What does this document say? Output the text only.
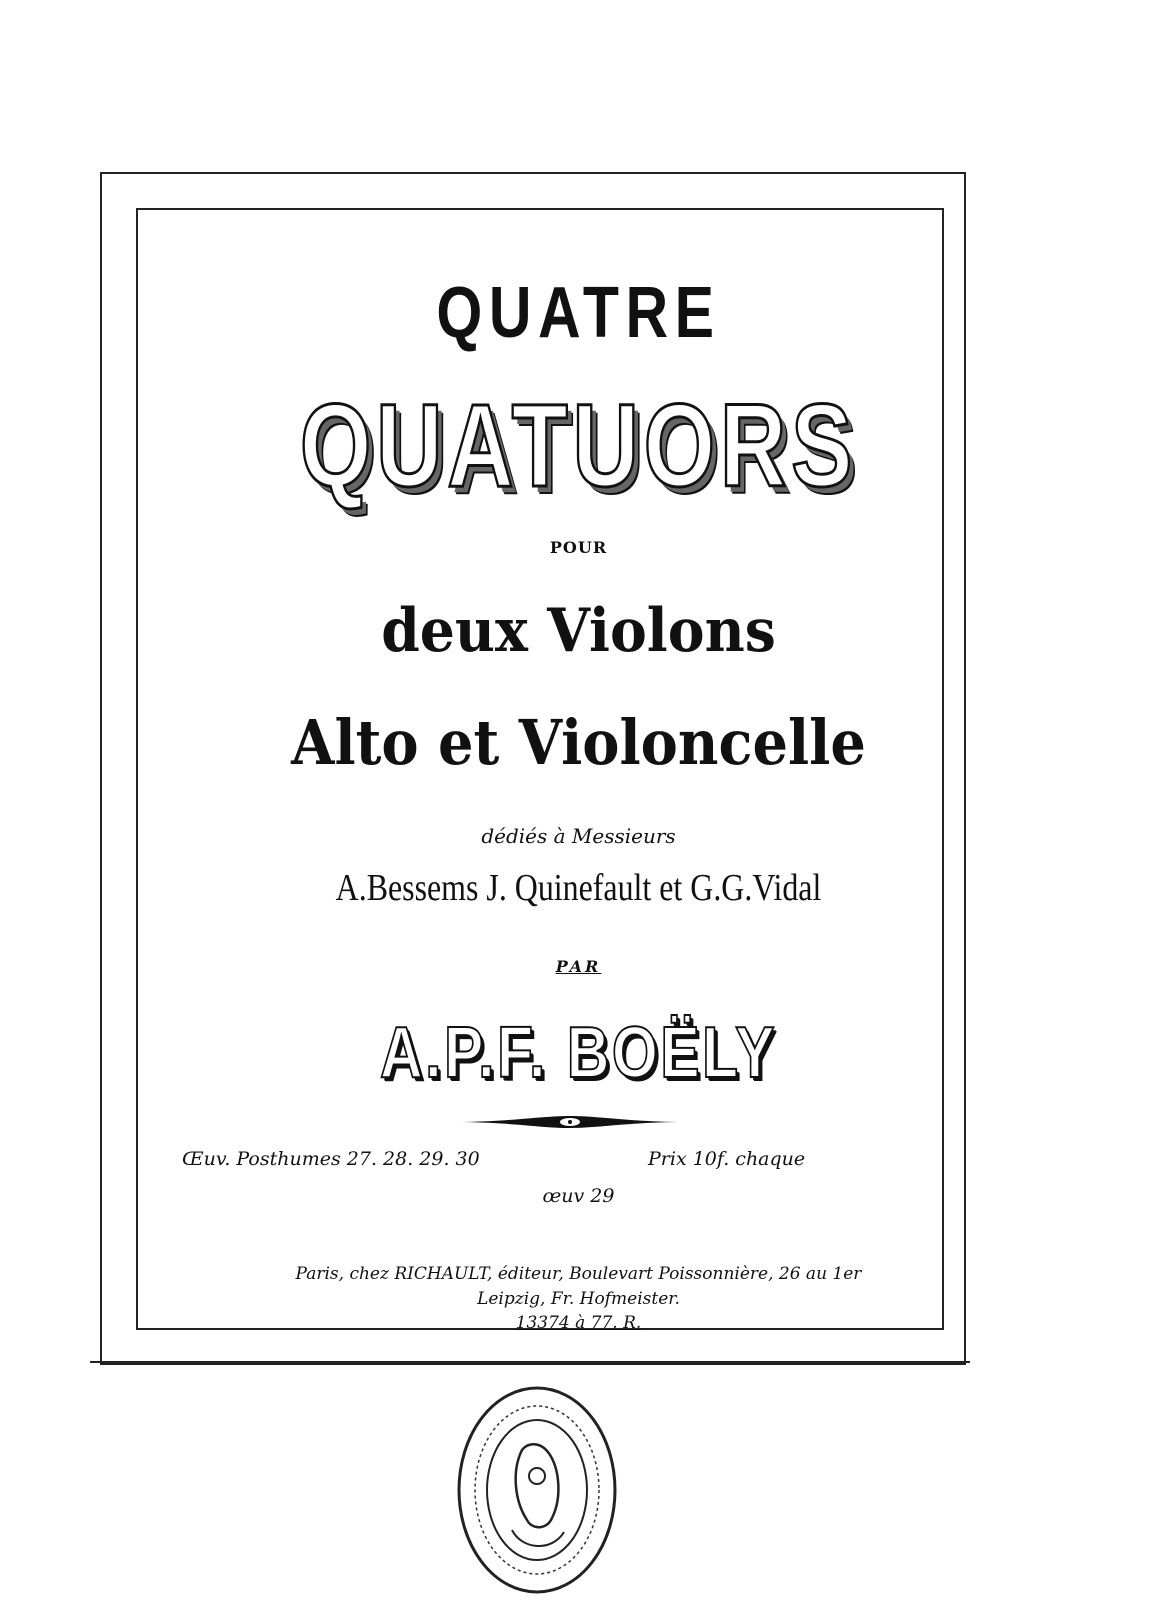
QUATRE
QUATUORS
POUR
deux Violons
Alto et Violoncelle
dédiés à Messieurs
A.Bessems J. Quinefault et G.G.Vidal
PAR
A.P.F. BOËLY
Œuv. Posthumes 27. 28. 29. 30	Prix 10f. chaque
œuv 29
Paris, chez RICHAULT, éditeur, Boulevart Poissonnière, 26 au 1er
Leipzig, Fr. Hofmeister.
13374 à 77. R.
